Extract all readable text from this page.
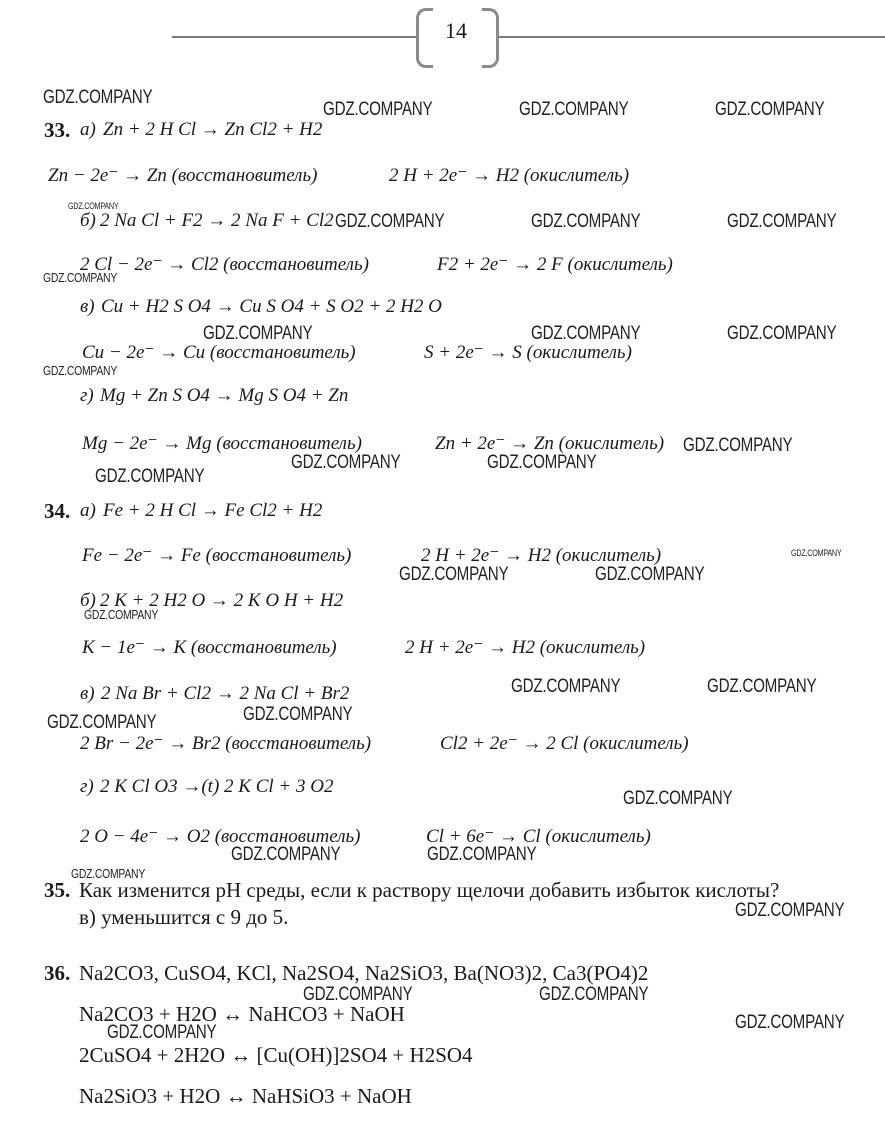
14
GDZ.COMPANY
GDZ.COMPANY	GDZ.COMPANY	GDZ.COMPANY
GDZ.COMPANY
GDZ.COMPANY	GDZ.COMPANY	GDZ.COMPANY
GDZ.COMPANY
GDZ.COMPANY	GDZ.COMPANY	GDZ.COMPANY
GDZ.COMPANY
GDZ.COMPANY
GDZ.COMPANY	GDZ.COMPANY
GDZ.COMPANY
GDZ.COMPANY
GDZ.COMPANY	GDZ.COMPANY
GDZ.COMPANY
GDZ.COMPANY	GDZ.COMPANY
GDZ.COMPANY
GDZ.COMPANY
GDZ.COMPANY
GDZ.COMPANY	GDZ.COMPANY
GDZ.COMPANY
GDZ.COMPANY
GDZ.COMPANY	GDZ.COMPANY
GDZ.COMPANY
GDZ.COMPANY
33. а) Zn + 2 H Cl → Zn Cl2 + H2
Zn − 2e⁻ → Zn (восстановитель)	2 H + 2e⁻ → H2 (окислитель)
б) 2 Na Cl + F2 → 2 Na F + Cl2
2 Cl − 2e⁻ → Cl2 (восстановитель)	F2 + 2e⁻ → 2 F (окислитель)
в) Cu + H2 S O4 → Cu S O4 + S O2 + 2 H2 O
Cu − 2e⁻ → Cu (восстановитель)	S + 2e⁻ → S (окислитель)
г) Mg + Zn S O4 → Mg S O4 + Zn
Mg − 2e⁻ → Mg (восстановитель)	Zn + 2e⁻ → Zn (окислитель)
34. а) Fe + 2 H Cl → Fe Cl2 + H2
Fe − 2e⁻ → Fe (восстановитель)	2 H + 2e⁻ → H2 (окислитель)
б) 2 K + 2 H2 O → 2 K O H + H2
K − 1e⁻ → K (восстановитель)	2 H + 2e⁻ → H2 (окислитель)
в) 2 Na Br + Cl2 → 2 Na Cl + Br2
2 Br − 2e⁻ → Br2 (восстановитель)	Cl2 + 2e⁻ → 2 Cl (окислитель)
г) 2 K Cl O3 →(t) 2 K Cl + 3 O2
2 O − 4e⁻ → O2 (восстановитель)	Cl + 6e⁻ → Cl (окислитель)
35. Как изменится pH среды, если к раствору щелочи добавить избыток кислоты?
в) уменьшится с 9 до 5.
36. Na2CO3, CuSO4, KCl, Na2SO4, Na2SiO3, Ba(NO3)2, Ca3(PO4)2
Na2CO3 + H2O ↔ NaHCO3 + NaOH
2CuSO4 + 2H2O ↔ [Cu(OH)]2SO4 + H2SO4
Na2SiO3 + H2O ↔ NaHSiO3 + NaOH
